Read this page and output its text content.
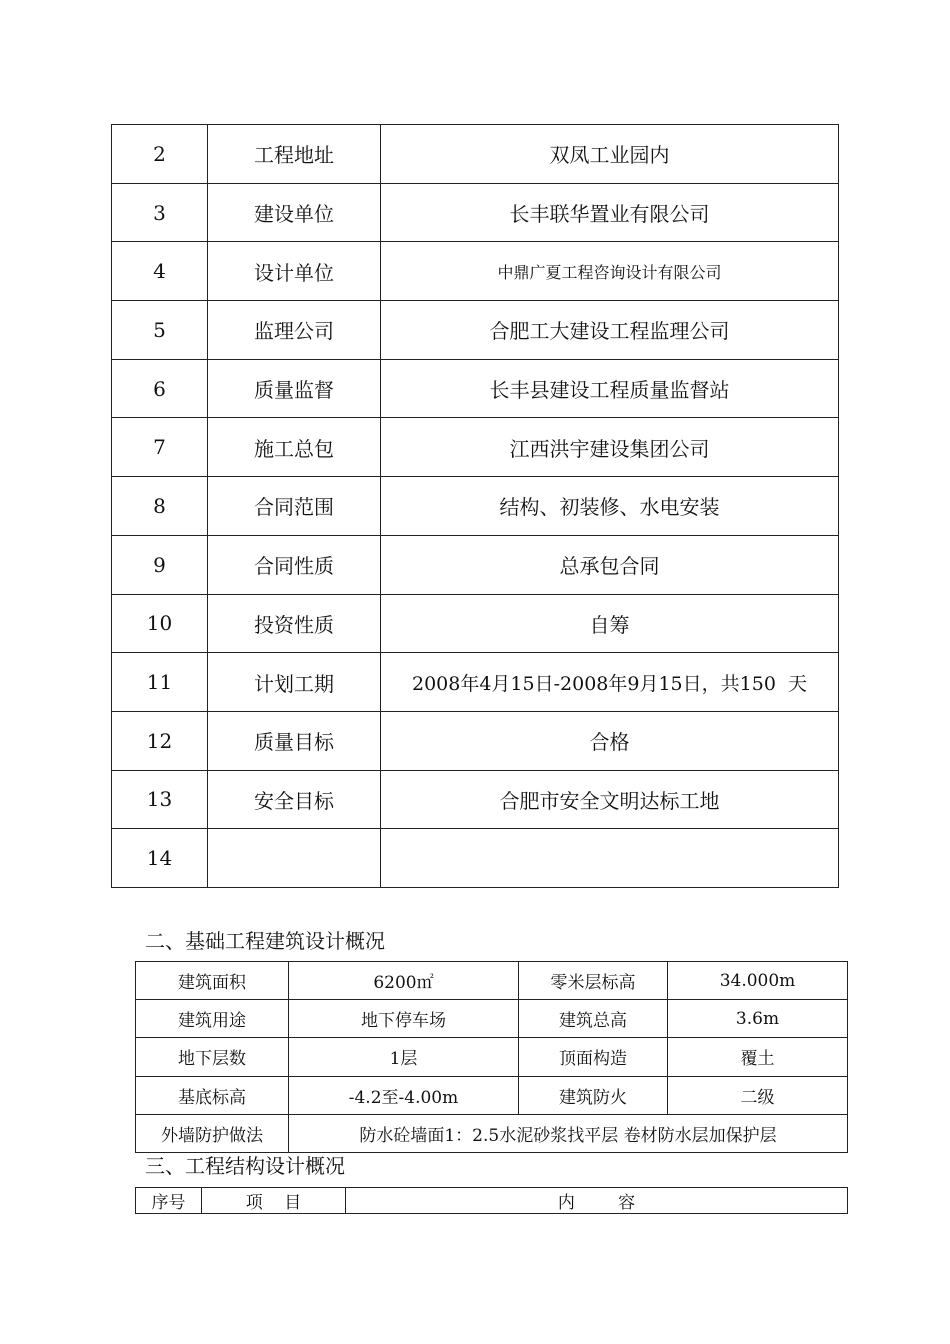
2	工程地址	双凤工业园内
3	建设单位	长丰联华置业有限公司
4	设计单位	中鼎广夏工程咨询设计有限公司
5	监理公司	合肥工大建设工程监理公司
6	质量监督	长丰县建设工程质量监督站
7	施工总包	江西洪宇建设集团公司
8	合同范围	结构、初装修、水电安装
9	合同性质	总承包合同
10	投资性质	自筹
11	计划工期	2008年4月15日-2008年9月15日，共150  天
12	质量目标	合格
13	安全目标	合肥市安全文明达标工地
14		
二、基础工程建筑设计概况
建筑面积	6200㎡	零米层标高	34.000m
建筑用途	地下停车场	建筑总高	3.6m
地下层数	1层	顶面构造	覆土
基底标高	-4.2至-4.00m	建筑防火	二级
外墙防护做法	防水砼墙面1：2.5水泥砂浆找平层 卷材防水层加保护层		
三、工程结构设计概况
序号	项    目	内        容
